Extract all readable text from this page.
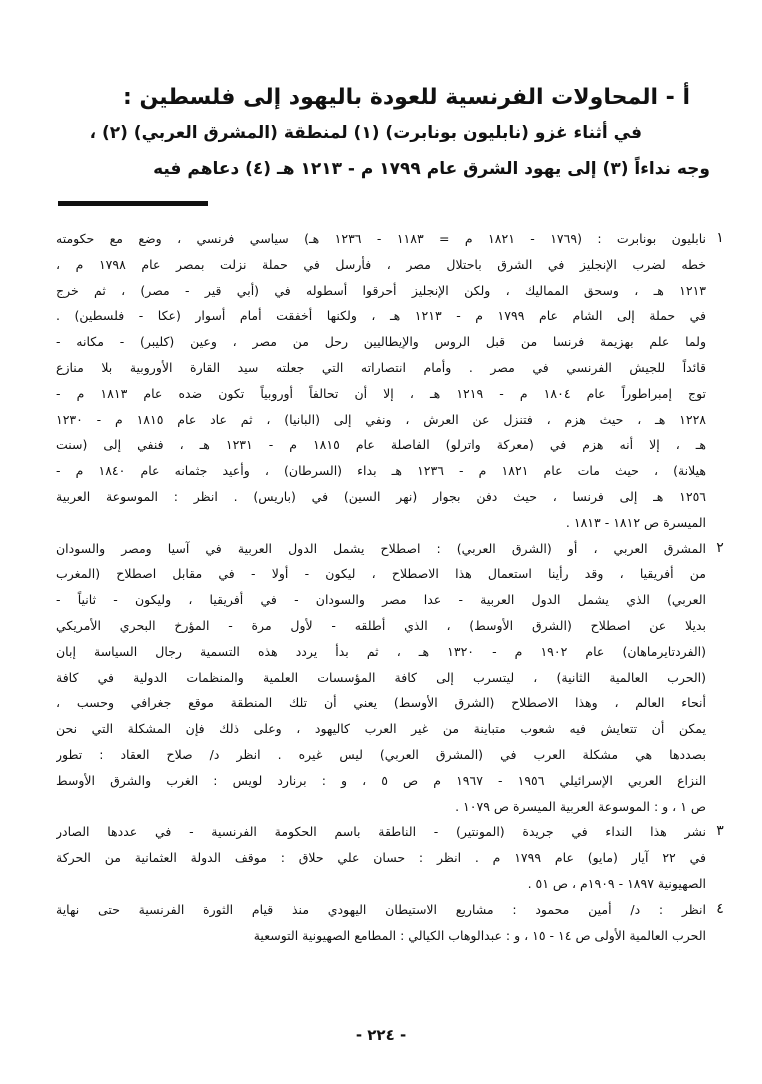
أ - المحاولات الفرنسية للعودة باليهود إلى فلسطين :
في أثناء غزو (نابليون بونابرت) (١) لمنطقة (المشرق العربي) (٢) ،
وجه نداءاً (٣) إلى يهود الشرق عام ١٧٩٩ م - ١٢١٣ هـ (٤) دعاهم فيه
١
نابليون بونابرت : (١٧٦٩ - ١٨٢١ م = ١١٨٣ - ١٢٣٦ هـ) سياسي فرنسي ، وضع مع حكومته
خطه لضرب الإنجليز في الشرق باحتلال مصر ، فأرسل في حملة نزلت بمصر عام ١٧٩٨ م ،
١٢١٣ هـ ، وسحق المماليك ، ولكن الإنجليز أحرقوا أسطوله في (أبي قير - مصر) ، ثم خرج
في حملة إلى الشام عام ١٧٩٩ م - ١٢١٣ هـ ، ولكنها أخفقت أمام أسوار (عكا - فلسطين) .
ولما علم بهزيمة فرنسا من قبل الروس والإيطاليين رحل من مصر ، وعين (كليبر) - مكانه -
قائداً للجيش الفرنسي في مصر . وأمام انتصاراته التي جعلته سيد القارة الأوروبية بلا منازع
توج إمبراطوراً عام ١٨٠٤ م - ١٢١٩ هـ ، إلا أن تحالفاً أوروبياً تكون ضده عام ١٨١٣ م -
١٢٢٨ هـ ، حيث هزم ، فتنزل عن العرش ، ونفي إلى (البانيا) ، ثم عاد عام ١٨١٥ م - ١٢٣٠
هـ ، إلا أنه هزم في (معركة واترلو) الفاصلة عام ١٨١٥ م - ١٢٣١ هـ ، فنفي إلى (سنت
هيلانة) ، حيث مات عام ١٨٢١ م - ١٢٣٦ هـ بداء (السرطان) ، وأعيد جثمانه عام ١٨٤٠ م -
١٢٥٦ هـ إلى فرنسا ، حيث دفن بجوار (نهر السين) في (باريس) . انظر : الموسوعة العربية
الميسرة ص ١٨١٢ - ١٨١٣ .
٢
المشرق العربي ، أو (الشرق العربي) : اصطلاح يشمل الدول العربية في آسيا ومصر والسودان
من أفريقيا ، وقد رأينا استعمال هذا الاصطلاح ، ليكون - أولا - في مقابل اصطلاح (المغرب
العربي) الذي يشمل الدول العربية - عدا مصر والسودان - في أفريقيا ، وليكون - ثانياً -
بديلا عن اصطلاح (الشرق الأوسط) ، الذي أطلقه - لأول مرة - المؤرخ البحري الأمريكي
(الفردتايرماهان) عام ١٩٠٢ م - ١٣٢٠ هـ ، ثم بدأ يردد هذه التسمية رجال السياسة إبان
(الحرب العالمية الثانية) ، ليتسرب إلى كافة المؤسسات العلمية والمنظمات الدولية في كافة
أنحاء العالم ، وهذا الاصطلاح (الشرق الأوسط) يعني أن تلك المنطقة موقع جغرافي وحسب ،
يمكن أن تتعايش فيه شعوب متباينة من غير العرب كاليهود ، وعلى ذلك فإن المشكلة التي نحن
بصددها هي مشكلة العرب في (المشرق العربي) ليس غيره . انظر د/ صلاح العقاد : تطور
النزاع العربي الإسرائيلي ١٩٥٦ - ١٩٦٧ م ص ٥ ، و : برنارد لويس : الغرب والشرق الأوسط
ص ١ ، و : الموسوعة العربية الميسرة ص ١٠٧٩ .
٣
نشر هذا النداء في جريدة (المونتير) - الناطقة باسم الحكومة الفرنسية - في عددها الصادر
في ٢٢ آيار (مايو) عام ١٧٩٩ م . انظر : حسان علي حلاق : موقف الدولة العثمانية من الحركة
الصهيونية ١٨٩٧ - ١٩٠٩م ، ص ٥١ .
٤
انظر : د/ أمين محمود : مشاريع الاستيطان اليهودي منذ قيام الثورة الفرنسية حتى نهاية
الحرب العالمية الأولى ص ١٤ - ١٥ ، و : عبدالوهاب الكيالي : المطامع الصهيونية التوسعية
- ٢٢٤ -
